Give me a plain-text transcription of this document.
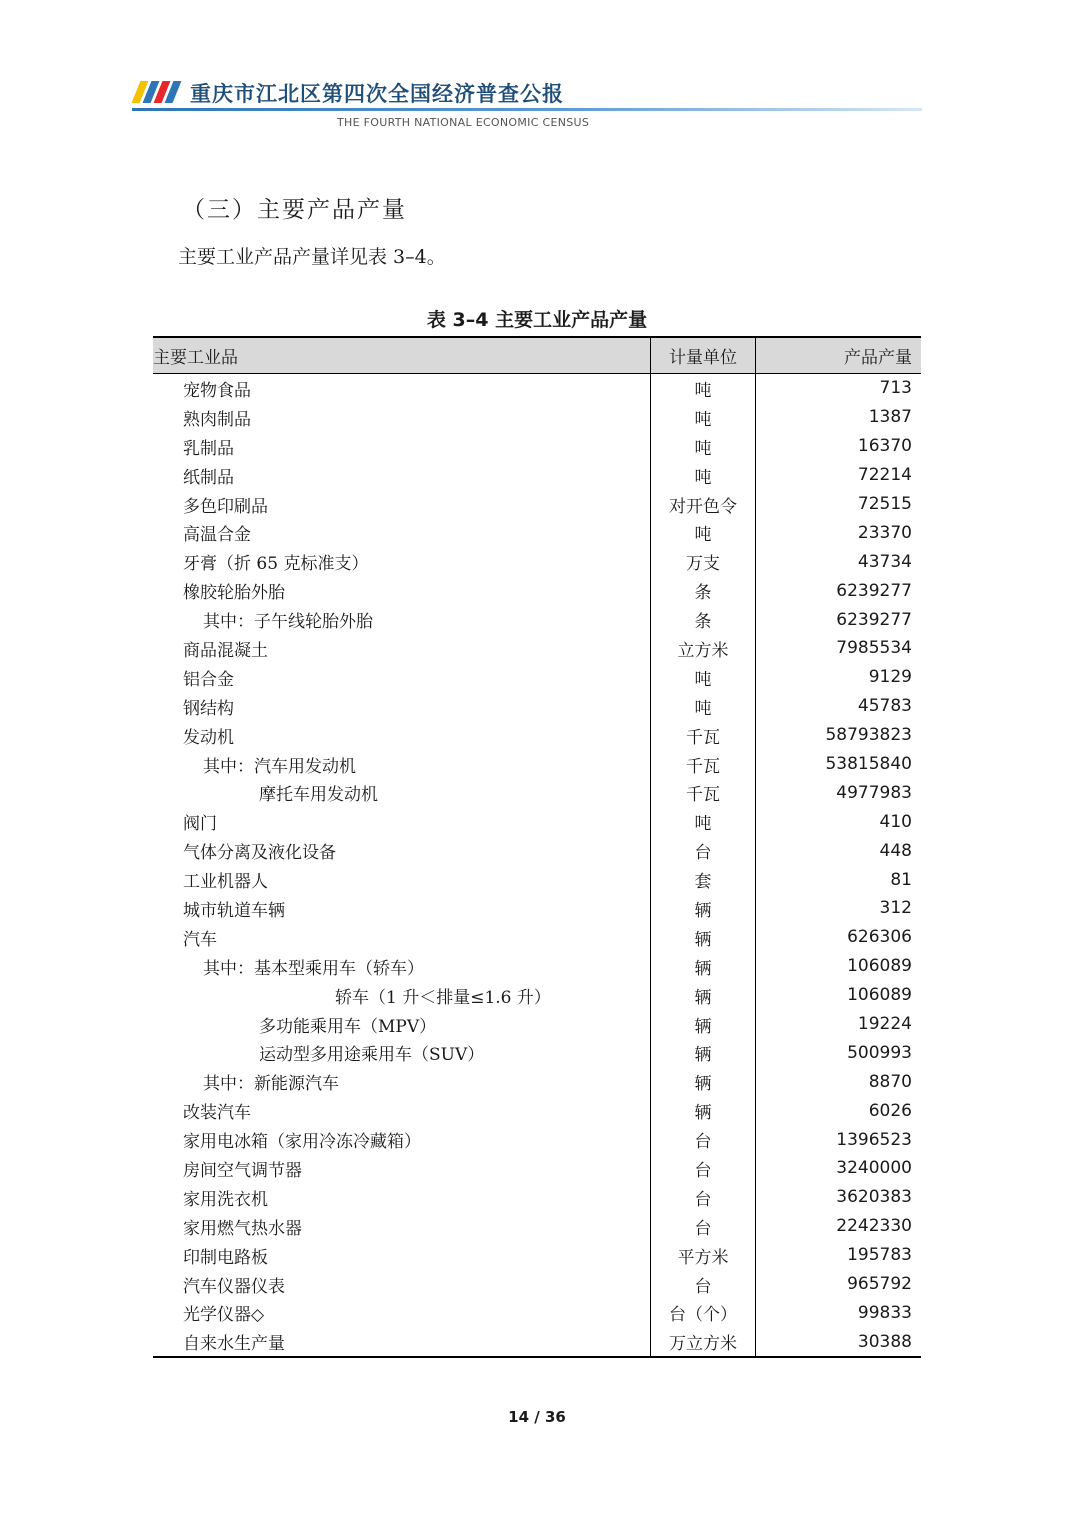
重庆市江北区第四次全国经济普查公报
THE FOURTH NATIONAL ECONOMIC CENSUS
（三）主要产品产量
主要工业产品产量详见表 3–4。
表 3–4 主要工业产品产量
主要工业品	计量单位	产品产量
宠物食品	吨	713
熟肉制品	吨	1387
乳制品	吨	16370
纸制品	吨	72214
多色印刷品	对开色令	72515
高温合金	吨	23370
牙膏（折 65 克标准支）	万支	43734
橡胶轮胎外胎	条	6239277
其中：子午线轮胎外胎	条	6239277
商品混凝土	立方米	7985534
铝合金	吨	9129
钢结构	吨	45783
发动机	千瓦	58793823
其中：汽车用发动机	千瓦	53815840
摩托车用发动机	千瓦	4977983
阀门	吨	410
气体分离及液化设备	台	448
工业机器人	套	81
城市轨道车辆	辆	312
汽车	辆	626306
其中：基本型乘用车（轿车）	辆	106089
轿车（1 升＜排量≤1.6 升）	辆	106089
多功能乘用车（MPV）	辆	19224
运动型多用途乘用车（SUV）	辆	500993
其中：新能源汽车	辆	8870
改装汽车	辆	6026
家用电冰箱（家用冷冻冷藏箱）	台	1396523
房间空气调节器	台	3240000
家用洗衣机	台	3620383
家用燃气热水器	台	2242330
印制电路板	平方米	195783
汽车仪器仪表	台	965792
光学仪器◇	台（个）	99833
自来水生产量	万立方米	30388
14 / 36
